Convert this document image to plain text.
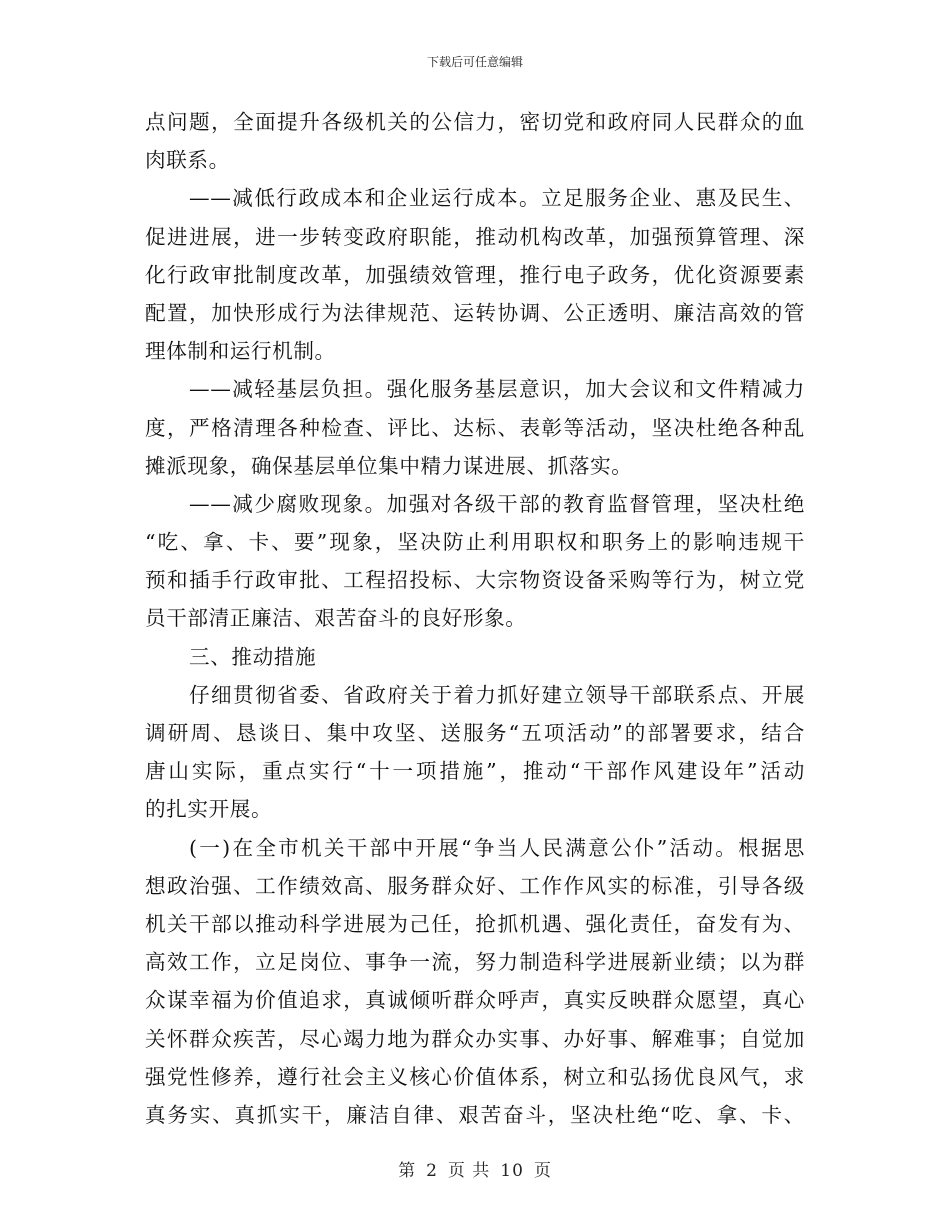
下载后可任意编辑
点问题，全面提升各级机关的公信力，密切党和政府同人民群众的血
肉联系。
——减低行政成本和企业运行成本。立足服务企业、惠及民生、
促进进展，进一步转变政府职能，推动机构改革，加强预算管理、深
化行政审批制度改革，加强绩效管理，推行电子政务，优化资源要素
配置，加快形成行为法律规范、运转协调、公正透明、廉洁高效的管
理体制和运行机制。
——减轻基层负担。强化服务基层意识，加大会议和文件精减力
度，严格清理各种检查、评比、达标、表彰等活动，坚决杜绝各种乱
摊派现象，确保基层单位集中精力谋进展、抓落实。
——减少腐败现象。加强对各级干部的教育监督管理，坚决杜绝
“吃、拿、卡、要”现象，坚决防止利用职权和职务上的影响违规干
预和插手行政审批、工程招投标、大宗物资设备采购等行为，树立党
员干部清正廉洁、艰苦奋斗的良好形象。
三、推动措施
仔细贯彻省委、省政府关于着力抓好建立领导干部联系点、开展
调研周、恳谈日、集中攻坚、送服务“五项活动”的部署要求，结合
唐山实际，重点实行“十一项措施”，推动“干部作风建设年”活动
的扎实开展。
(一)在全市机关干部中开展“争当人民满意公仆”活动。根据思
想政治强、工作绩效高、服务群众好、工作作风实的标准，引导各级
机关干部以推动科学进展为己任，抢抓机遇、强化责任，奋发有为、
高效工作，立足岗位、事争一流，努力制造科学进展新业绩；以为群
众谋幸福为价值追求，真诚倾听群众呼声，真实反映群众愿望，真心
关怀群众疾苦，尽心竭力地为群众办实事、办好事、解难事；自觉加
强党性修养，遵行社会主义核心价值体系，树立和弘扬优良风气，求
真务实、真抓实干，廉洁自律、艰苦奋斗，坚决杜绝“吃、拿、卡、
第 2 页 共 10 页
